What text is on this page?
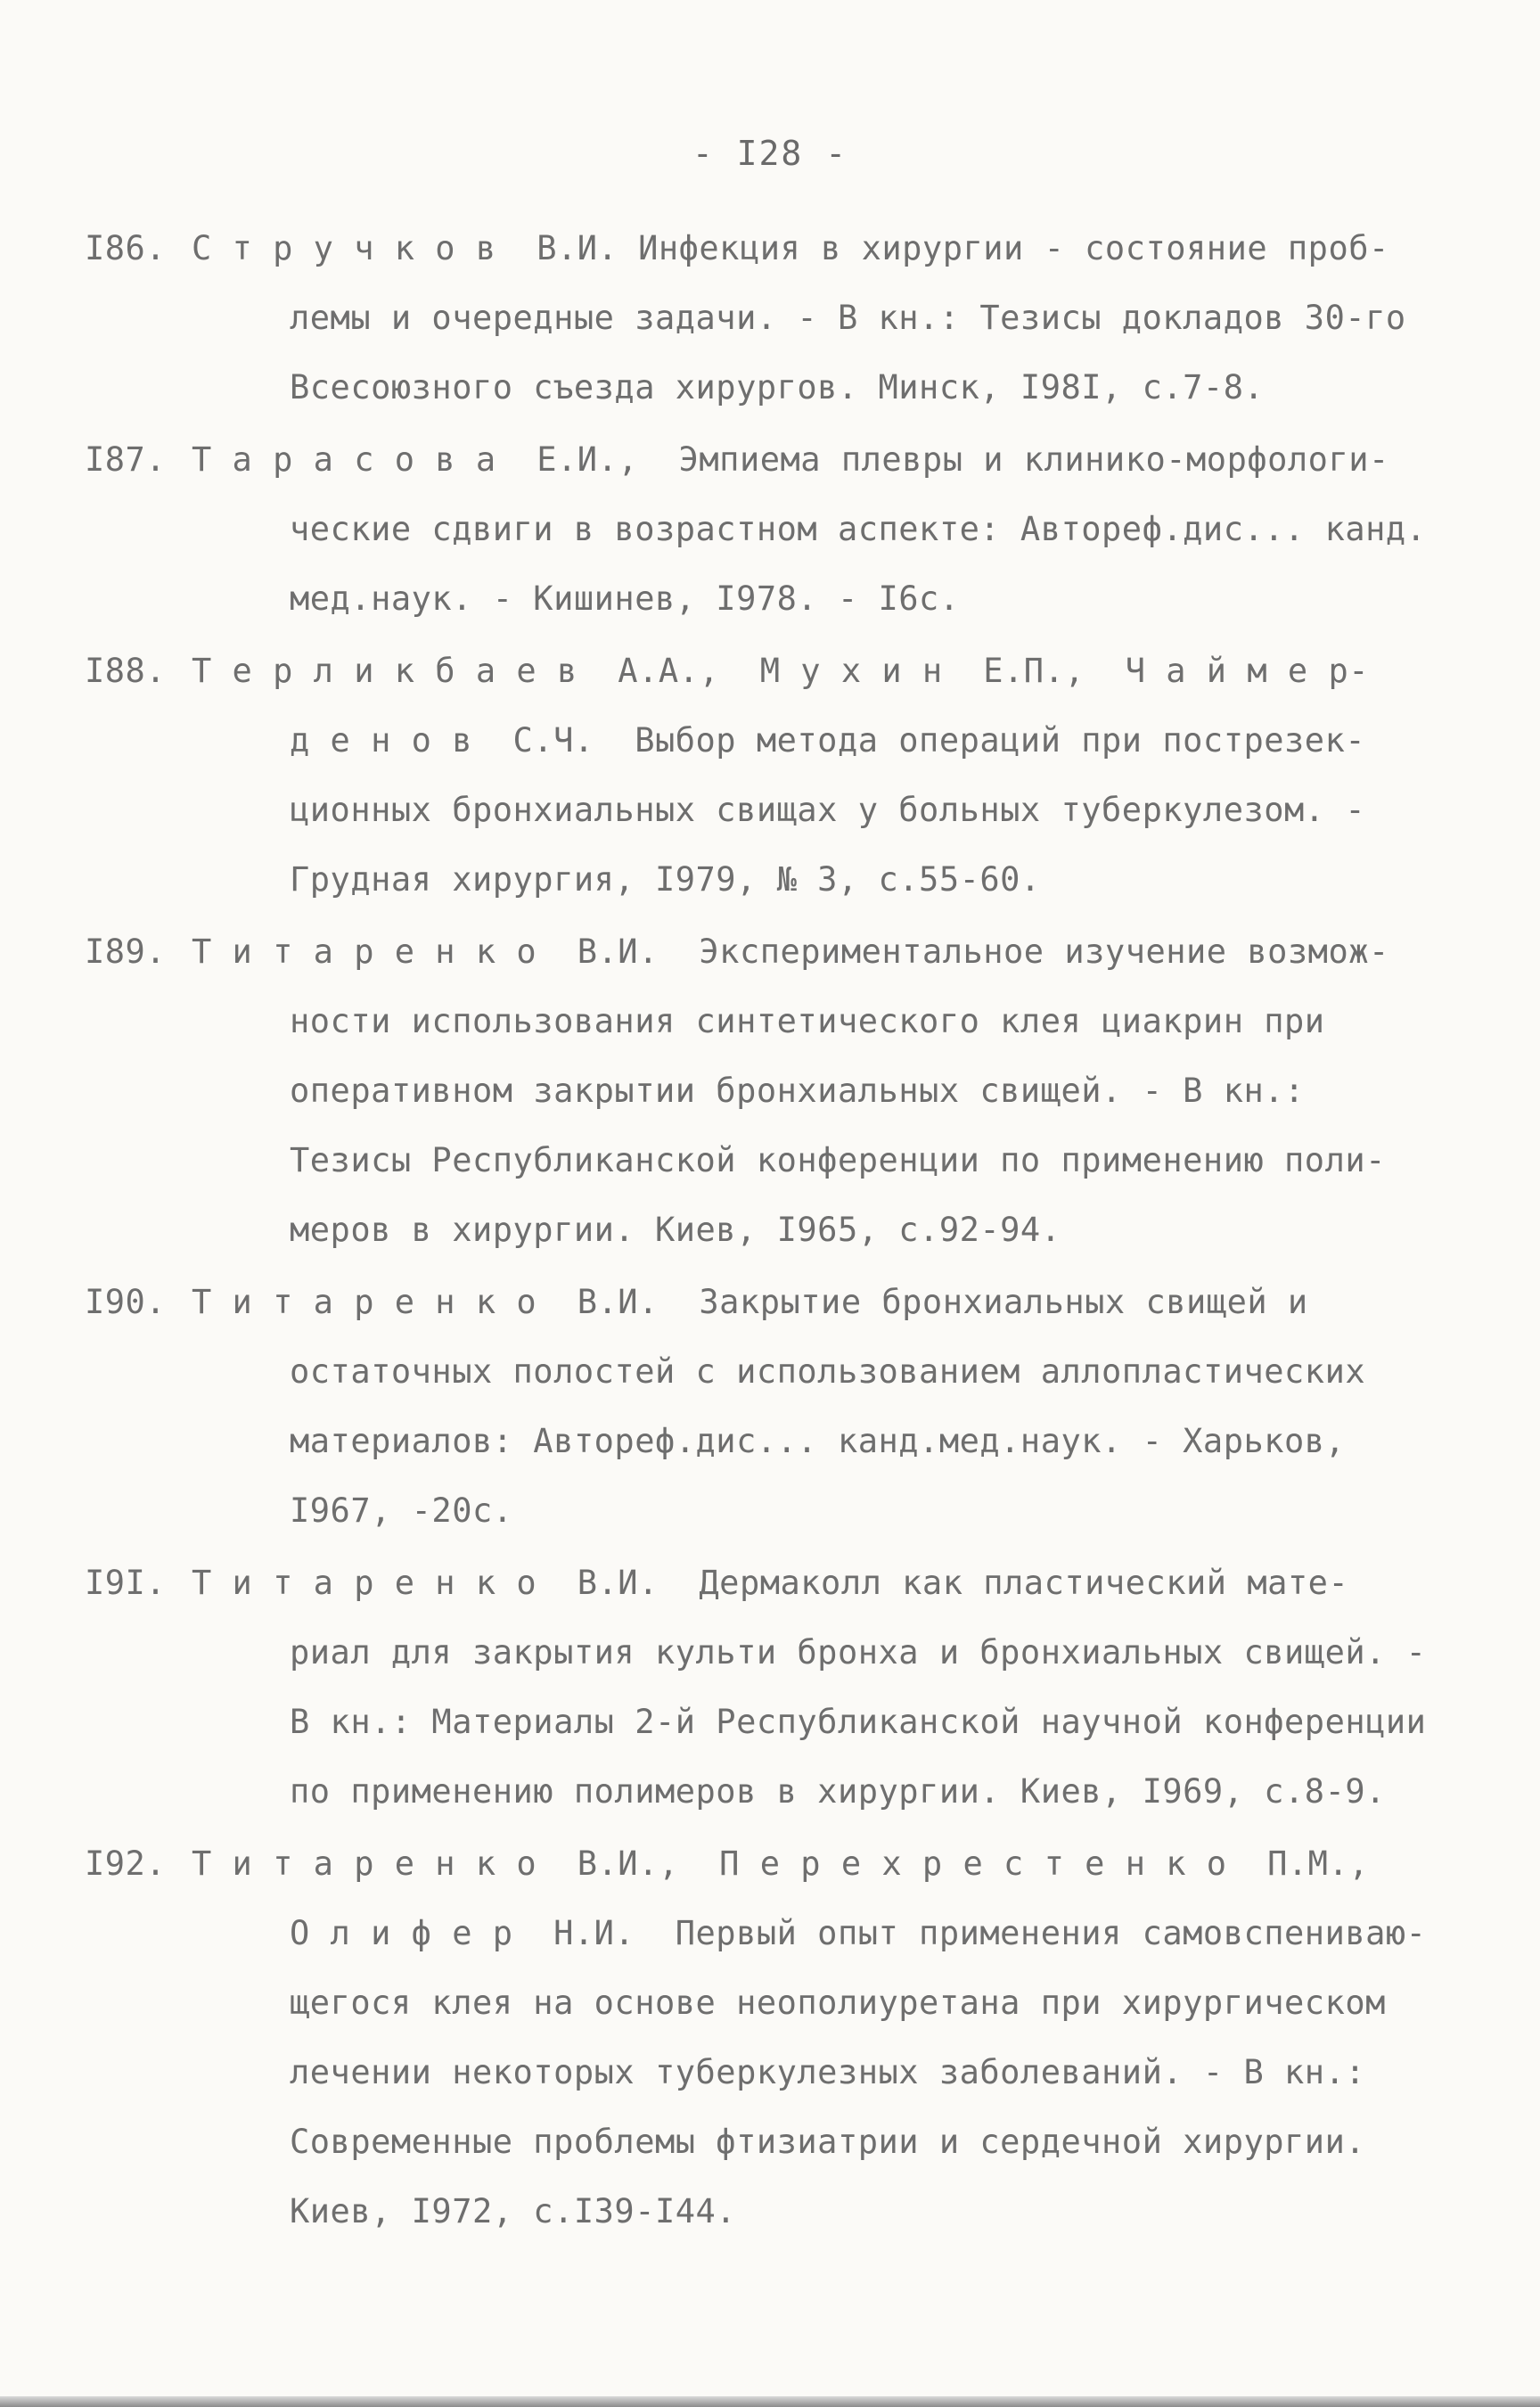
- I28 -
I86. С т р у ч к о в  В.И. Инфекция в хирургии - состояние проб-
лемы и очередные задачи. - В кн.: Тезисы докладов 30-го
Всесоюзного съезда хирургов. Минск, I98I, с.7-8.
I87. Т а р а с о в а  Е.И.,  Эмпиема плевры и клинико-морфологи-
ческие сдвиги в возрастном аспекте: Автореф.дис... канд.
мед.наук. - Кишинев, I978. - I6с.
I88. Т е р л и к б а е в  А.А.,  М у х и н  Е.П.,  Ч а й м е р-
д е н о в  С.Ч.  Выбор метода операций при пострезек-
ционных бронхиальных свищах у больных туберкулезом. -
Грудная хирургия, I979, № 3, с.55-60.
I89. Т и т а р е н к о  В.И.  Экспериментальное изучение возмож-
ности использования синтетического клея циакрин при
оперативном закрытии бронхиальных свищей. - В кн.:
Тезисы Республиканской конференции по применению поли-
меров в хирургии. Киев, I965, с.92-94.
I90. Т и т а р е н к о  В.И.  Закрытие бронхиальных свищей и
остаточных полостей с использованием аллопластических
материалов: Автореф.дис... канд.мед.наук. - Харьков,
I967, -20с.
I9I. Т и т а р е н к о  В.И.  Дермаколл как пластический мате-
риал для закрытия культи бронха и бронхиальных свищей. -
В кн.: Материалы 2-й Республиканской научной конференции
по применению полимеров в хирургии. Киев, I969, с.8-9.
I92. Т и т а р е н к о  В.И.,  П е р е х р е с т е н к о  П.М.,
О л и ф е р  Н.И.  Первый опыт применения самовспениваю-
щегося клея на основе неополиуретана при хирургическом
лечении некоторых туберкулезных заболеваний. - В кн.:
Современные проблемы фтизиатрии и сердечной хирургии.
Киев, I972, с.I39-I44.
